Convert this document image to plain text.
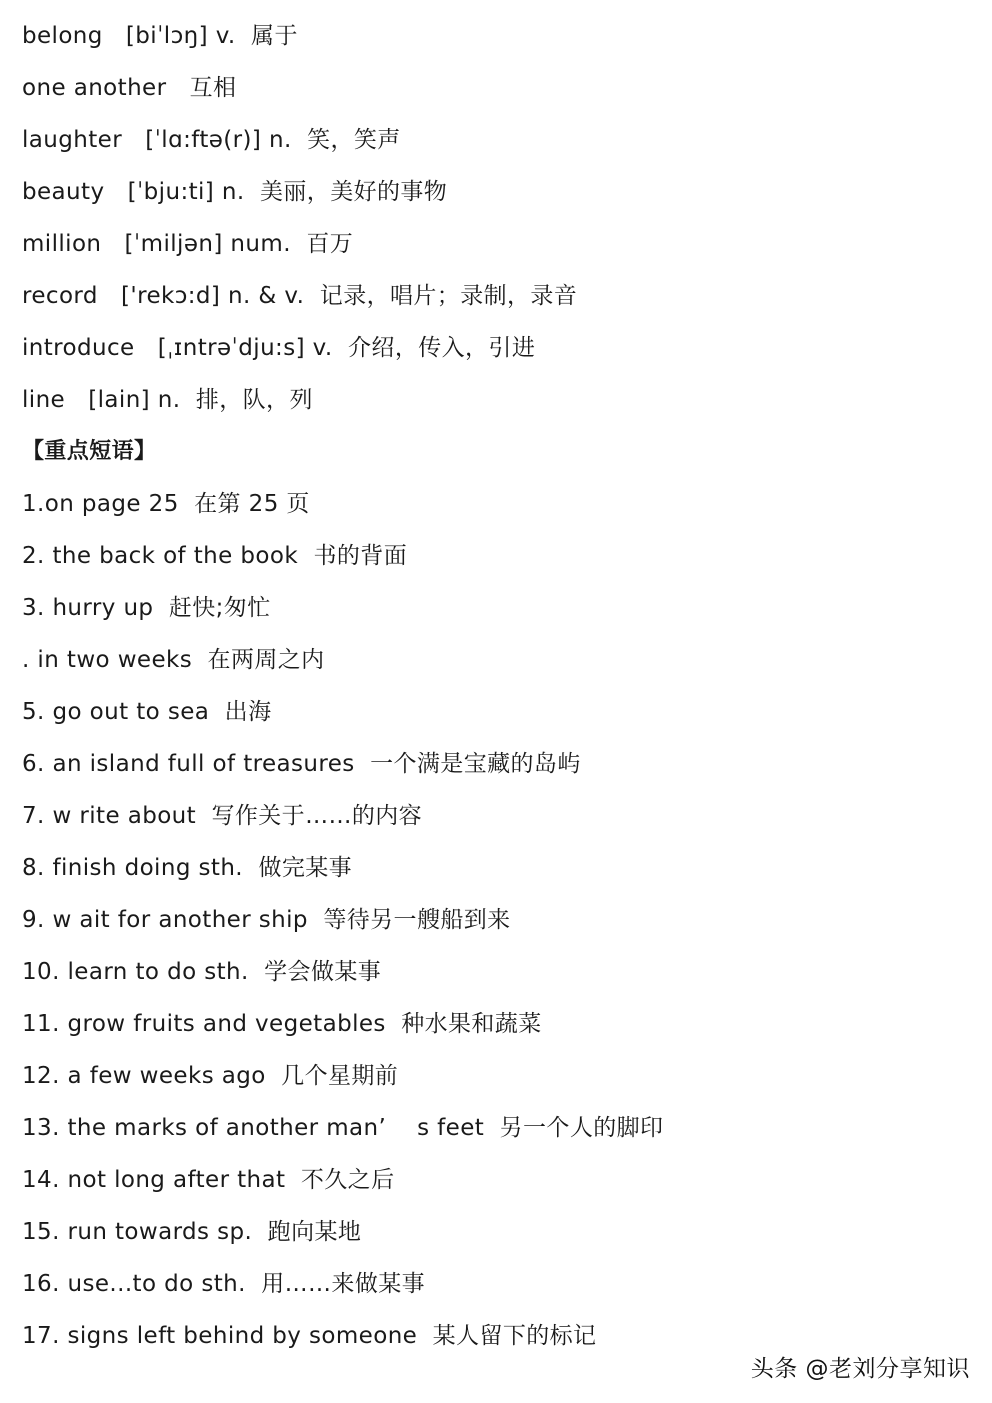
belong   [biˈlɔŋ] v.  属于
one another   互相
laughter   [ˈlɑ:ftə(r)] n.  笑，笑声
beauty   [ˈbju:ti] n.  美丽，美好的事物
million   [ˈmiljən] num.  百万
record   ['rekɔ:d] n. & v.  记录，唱片；录制，录音
introduce   [ˌɪntrəˈdju:s] v.  介绍，传入，引进
line   [lain] n.  排，队，列
【重点短语】
1.on page 25  在第 25 页
2. the back of the book  书的背面
3. hurry up  赶快;匆忙
. in two weeks  在两周之内
5. go out to sea  出海
6. an island full of treasures  一个满是宝藏的岛屿
7. w rite about  写作关于……的内容
8. finish doing sth.  做完某事
9. w ait for another ship  等待另一艘船到来
10. learn to do sth.  学会做某事
11. grow fruits and vegetables  种水果和蔬菜
12. a few weeks ago  几个星期前
13. the marks of another man’    s feet  另一个人的脚印
14. not long after that  不久之后
15. run towards sp.  跑向某地
16. use...to do sth.  用……来做某事
17. signs left behind by someone  某人留下的标记
头条 @老刘分享知识
